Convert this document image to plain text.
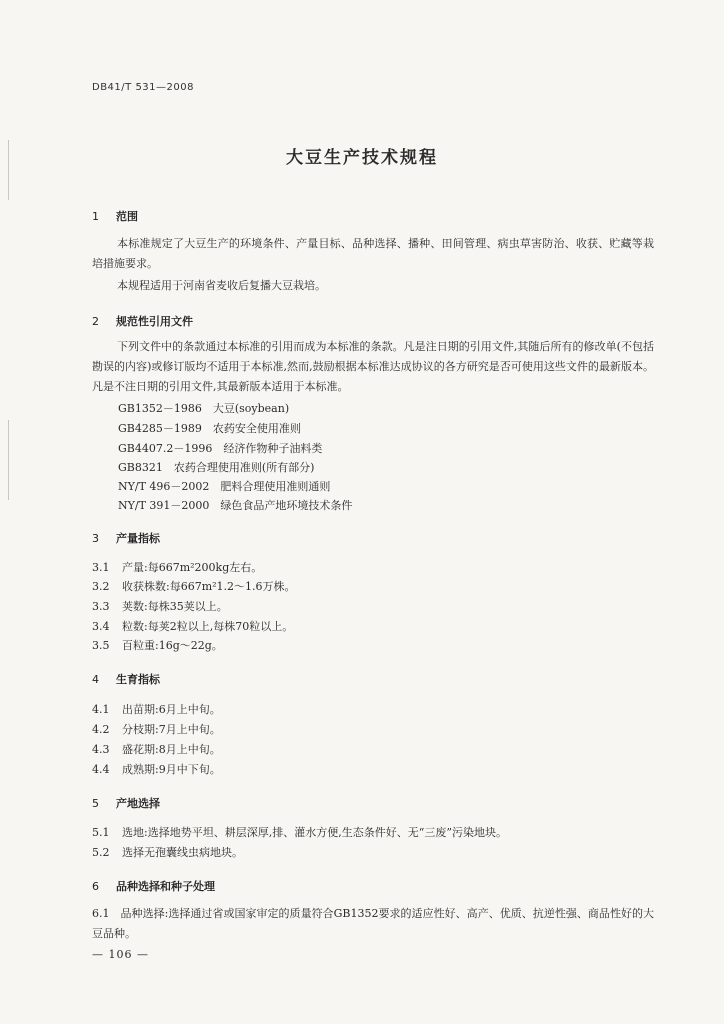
DB41/T 531—2008
大豆生产技术规程
1 范围
本标准规定了大豆生产的环境条件、产量目标、品种选择、播种、田间管理、病虫草害防治、收获、贮藏等栽培措施要求。
本规程适用于河南省麦收后复播大豆栽培。
2 规范性引用文件
下列文件中的条款通过本标准的引用而成为本标准的条款。凡是注日期的引用文件,其随后所有的修改单(不包括勘误的内容)或修订版均不适用于本标准,然而,鼓励根据本标准达成协议的各方研究是否可使用这些文件的最新版本。凡是不注日期的引用文件,其最新版本适用于本标准。
GB1352－1986　大豆(soybean)
GB4285－1989　农药安全使用准则
GB4407.2－1996　经济作物种子油料类
GB8321　农药合理使用准则(所有部分)
NY/T 496－2002　肥料合理使用准则通则
NY/T 391－2000　绿色食品产地环境技术条件
3 产量指标
3.1 产量:每667m²200kg左右。
3.2 收获株数:每667m²1.2～1.6万株。
3.3 荚数:每株35荚以上。
3.4 粒数:每荚2粒以上,每株70粒以上。
3.5 百粒重:16g～22g。
4 生育指标
4.1 出苗期:6月上中旬。
4.2 分枝期:7月上中旬。
4.3 盛花期:8月上中旬。
4.4 成熟期:9月中下旬。
5 产地选择
5.1 选地:选择地势平坦、耕层深厚,排、灌水方便,生态条件好、无“三废”污染地块。
5.2 选择无孢囊线虫病地块。
6 品种选择和种子处理
6.1　品种选择:选择通过省或国家审定的质量符合GB1352要求的适应性好、高产、优质、抗逆性强、商品性好的大豆品种。
— 106 —
